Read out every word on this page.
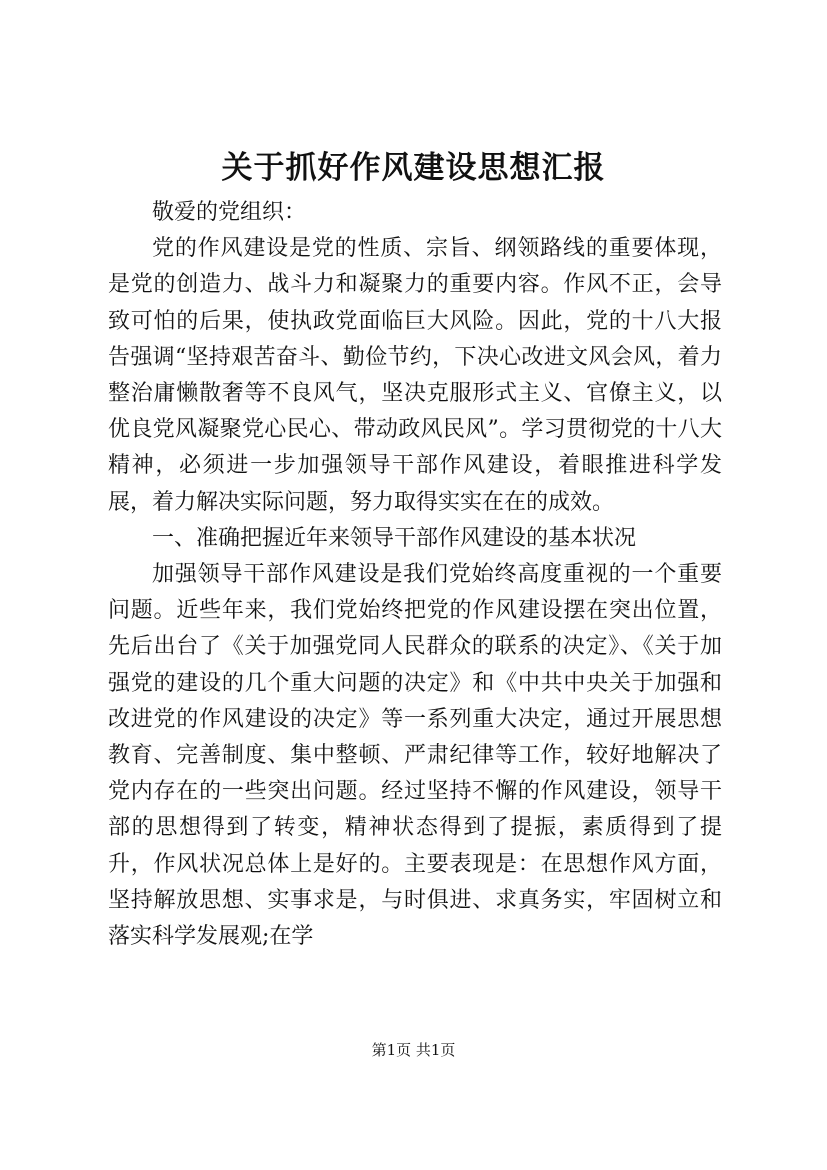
关于抓好作风建设思想汇报

敬爱的党组织：

党的作风建设是党的性质、宗旨、纲领路线的重要体现，是党的创造力、战斗力和凝聚力的重要内容。作风不正，会导致可怕的后果，使执政党面临巨大风险。因此，党的十八大报告强调“坚持艰苦奋斗、勤俭节约，下决心改进文风会风，着力整治庸懒散奢等不良风气，坚决克服形式主义、官僚主义，以优良党风凝聚党心民心、带动政风民风”。学习贯彻党的十八大精神，必须进一步加强领导干部作风建设，着眼推进科学发展，着力解决实际问题，努力取得实实在在的成效。

一、准确把握近年来领导干部作风建设的基本状况

加强领导干部作风建设是我们党始终高度重视的一个重要问题。近些年来，我们党始终把党的作风建设摆在突出位置，先后出台了《关于加强党同人民群众的联系的决定》、《关于加强党的建设的几个重大问题的决定》和《中共中央关于加强和改进党的作风建设的决定》等一系列重大决定，通过开展思想教育、完善制度、集中整顿、严肃纪律等工作，较好地解决了党内存在的一些突出问题。经过坚持不懈的作风建设，领导干部的思想得到了转变，精神状态得到了提振，素质得到了提升，作风状况总体上是好的。主要表现是：在思想作风方面，坚持解放思想、实事求是，与时俱进、求真务实，牢固树立和落实科学发展观;在学

第1页 共1页
